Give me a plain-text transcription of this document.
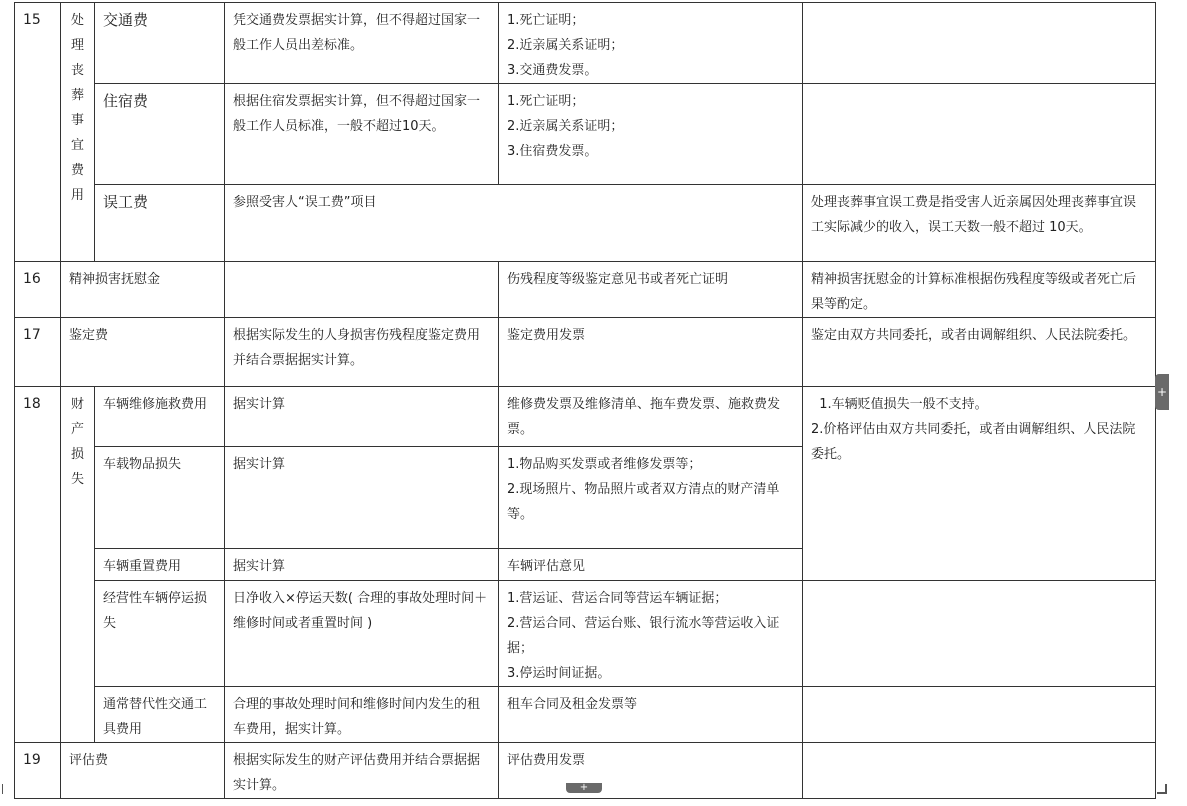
15	处理丧葬事宜费用	交通费	凭交通费发票据实计算，但不得超过国家一般工作人员出差标准。	1.死亡证明；
2.近亲属关系证明；
3.交通费发票。	

		住宿费	根据住宿发票据实计算，但不得超过国家一般工作人员标准，一般不超过10天。	1.死亡证明；
2.近亲属关系证明；
3.住宿费发票。	

		误工费	参照受害人“误工费”项目		处理丧葬事宜误工费是指受害人近亲属因处理丧葬事宜误工实际减少的收入，误工天数一般不超过 10天。
16	精神损害抚慰金			伤残程度等级鉴定意见书或者死亡证明	精神损害抚慰金的计算标准根据伤残程度等级或者死亡后果等酌定。
17	鉴定费		根据实际发生的人身损害伤残程度鉴定费用并结合票据据实计算。	鉴定费用发票	鉴定由双方共同委托，或者由调解组织、人民法院委托。
18	财产损失	车辆维修施救费用	据实计算	维修费发票及维修清单、拖车费发票、施救费发票。	1.车辆贬值损失一般不支持。
2.价格评估由双方共同委托，或者由调解组织、人民法院委托。

		车载物品损失	据实计算	1.物品购买发票或者维修发票等；
2.现场照片、物品照片或者双方清点的财产清单等。	

		车辆重置费用	据实计算	车辆评估意见	
		经营性车辆停运损失	日净收入×停运天数( 合理的事故处理时间＋维修时间或者重置时间 )	1.营运证、营运合同等营运车辆证据；
2.营运合同、营运台账、银行流水等营运收入证据；
3.停运时间证据。	

		通常替代性交通工具费用	合理的事故处理时间和维修时间内发生的租车费用，据实计算。	租车合同及租金发票等	
19	评估费		根据实际发生的财产评估费用并结合票据据实计算。	评估费用发票	
+
+
